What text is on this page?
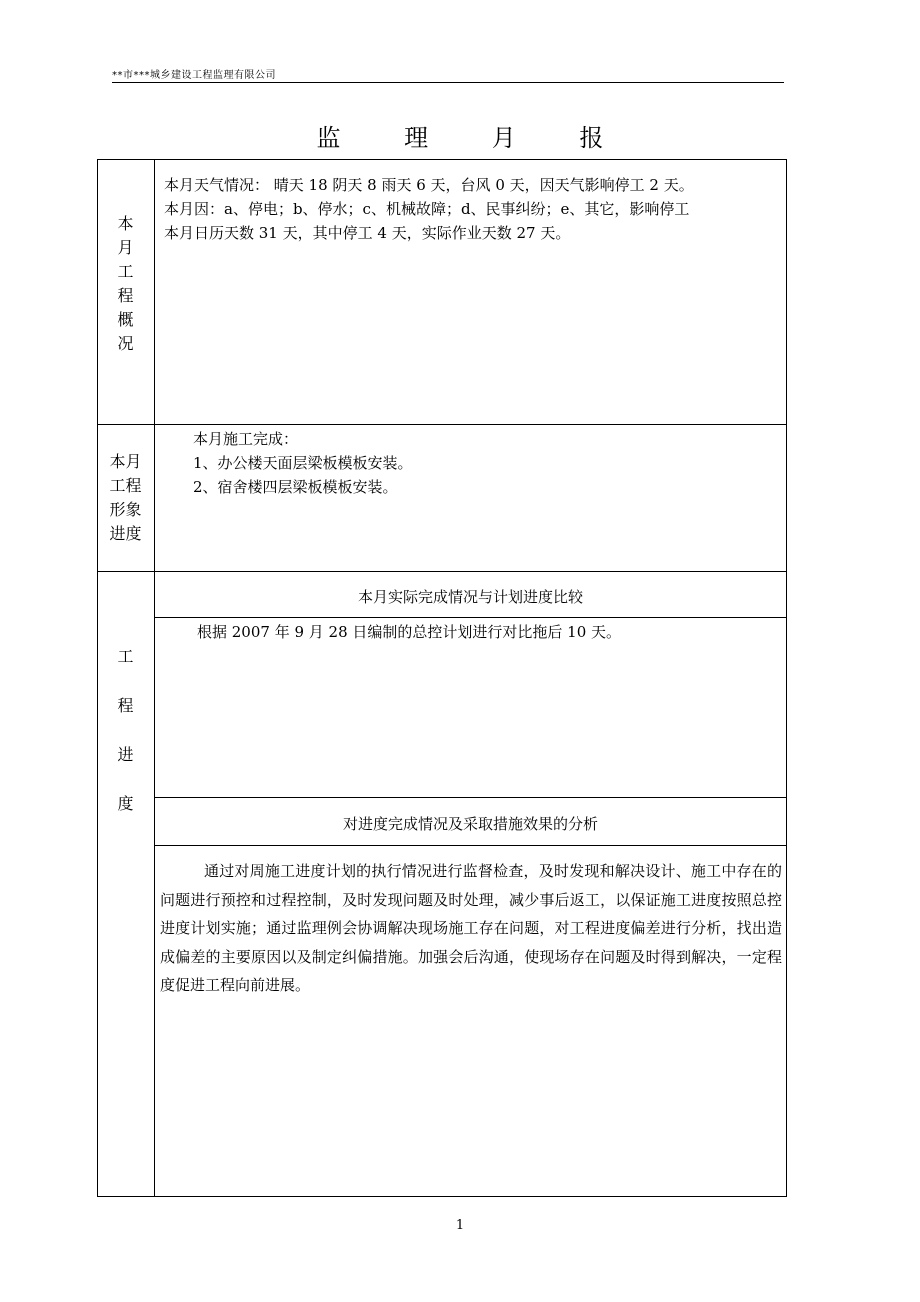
**市***城乡建设工程监理有限公司
监 理 月 报
本
月
工
程
概
况
本月天气情况： 晴天 18 阴天 8 雨天 6 天，台风 0 天，因天气影响停工 2 天。
本月因：a、停电；b、停水；c、机械故障；d、民事纠纷；e、其它，影响停工
本月日历天数 31 天，其中停工 4 天，实际作业天数 27 天。
本月
工程
形象
进度
本月施工完成：
1、办公楼天面层梁板模板安装。
2、宿舍楼四层梁板模板安装。
工
程
进
度
本月实际完成情况与计划进度比较
根据 2007 年 9 月 28 日编制的总控计划进行对比拖后 10 天。
对进度完成情况及采取措施效果的分析
通过对周施工进度计划的执行情况进行监督检查，及时发现和解决设计、施工中存在的问题进行预控和过程控制，及时发现问题及时处理，减少事后返工，以保证施工进度按照总控进度计划实施；通过监理例会协调解决现场施工存在问题，对工程进度偏差进行分析，找出造成偏差的主要原因以及制定纠偏措施。加强会后沟通，使现场存在问题及时得到解决，一定程度促进工程向前进展。
1
